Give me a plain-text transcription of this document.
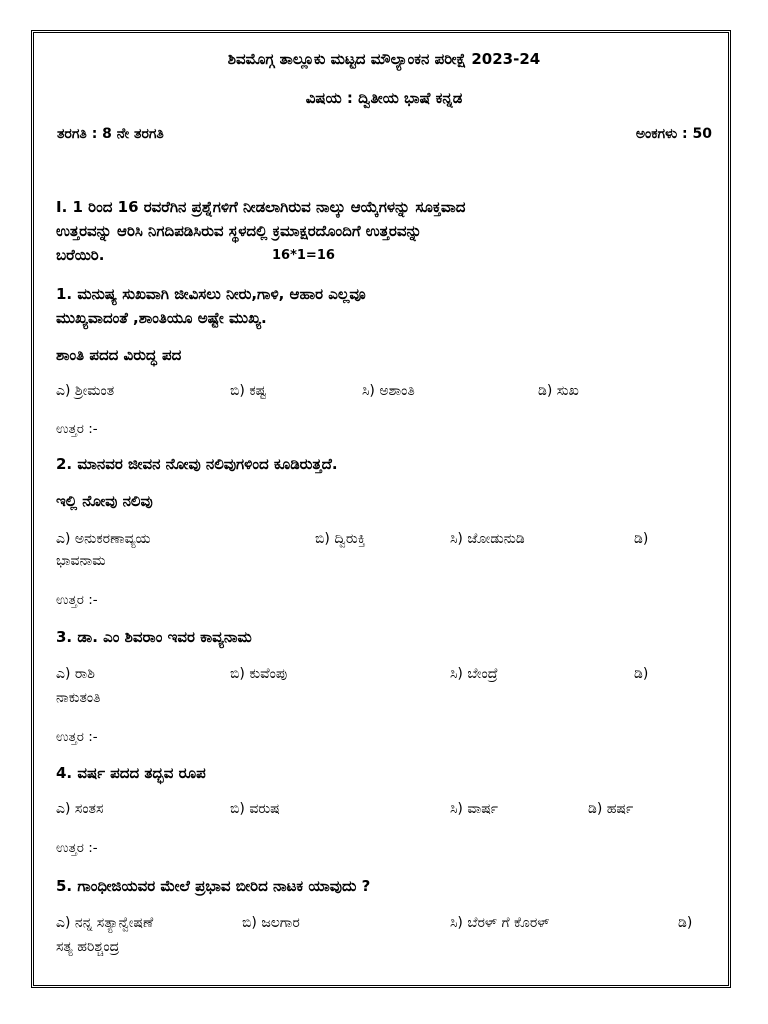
ಶಿವಮೊಗ್ಗ ತಾಲ್ಲೂಕು ಮಟ್ಟದ ಮೌಲ್ಯಾಂಕನ ಪರೀಕ್ಷೆ 2023-24
ವಿಷಯ : ದ್ವಿತೀಯ ಭಾಷೆ ಕನ್ನಡ
ತರಗತಿ : 8 ನೇ ತರಗತಿ	ಅಂಕಗಳು : 50
I. 1 ರಿಂದ 16 ರವರೆಗಿನ ಪ್ರಶ್ನೆಗಳಿಗೆ ನೀಡಲಾಗಿರುವ ನಾಲ್ಕು ಆಯ್ಕೆಗಳನ್ನು ಸೂಕ್ತವಾದ
ಉತ್ತರವನ್ನು ಆರಿಸಿ ನಿಗದಿಪಡಿಸಿರುವ ಸ್ಥಳದಲ್ಲಿ ಕ್ರಮಾಕ್ಷರದೊಂದಿಗೆ ಉತ್ತರವನ್ನು
ಬರೆಯಿರಿ.	16*1=16
1. ಮನುಷ್ಯ ಸುಖವಾಗಿ ಜೀವಿಸಲು ನೀರು,ಗಾಳಿ, ಆಹಾರ ಎಲ್ಲವೂ
ಮುಖ್ಯವಾದಂತೆ ,ಶಾಂತಿಯೂ ಅಷ್ಟೇ ಮುಖ್ಯ.
ಶಾಂತಿ ಪದದ ವಿರುದ್ಧ ಪದ
ಎ) ಶ್ರೀಮಂತ	ಬಿ) ಕಷ್ಟ	ಸಿ) ಅಶಾಂತಿ	ಡಿ) ಸುಖ
ಉತ್ತರ :-
2. ಮಾನವರ ಜೀವನ ನೋವು ನಲಿವುಗಳಿಂದ ಕೂಡಿರುತ್ತದೆ.
ಇಲ್ಲಿ ನೋವು ನಲಿವು
ಎ) ಅನುಕರಣಾವ್ಯಯ	ಬಿ) ದ್ವಿರುಕ್ತಿ	ಸಿ) ಜೋಡುನುಡಿ	ಡಿ)
ಭಾವನಾಮ
ಉತ್ತರ :-
3. ಡಾ. ಎಂ ಶಿವರಾಂ ಇವರ ಕಾವ್ಯನಾಮ
ಎ) ರಾಶಿ	ಬಿ) ಕುವೆಂಪು	ಸಿ) ಬೇಂದ್ರೆ	ಡಿ)
ನಾಕುತಂತಿ
ಉತ್ತರ :-
4. ವರ್ಷ ಪದದ ತದ್ಭವ ರೂಪ
ಎ) ಸಂತಸ	ಬಿ) ವರುಷ	ಸಿ) ವಾರ್ಷ	ಡಿ) ಹರ್ಷ
ಉತ್ತರ :-
5. ಗಾಂಧೀಜಿಯವರ ಮೇಲೆ ಪ್ರಭಾವ ಬೀರಿದ ನಾಟಕ ಯಾವುದು ?
ಎ) ನನ್ನ ಸತ್ಯಾನ್ವೇಷಣೆ	ಬಿ) ಜಲಗಾರ	ಸಿ) ಬೆರಳ್ ಗೆ ಕೊರಳ್	ಡಿ)
ಸತ್ಯ ಹರಿಶ್ಚಂದ್ರ
